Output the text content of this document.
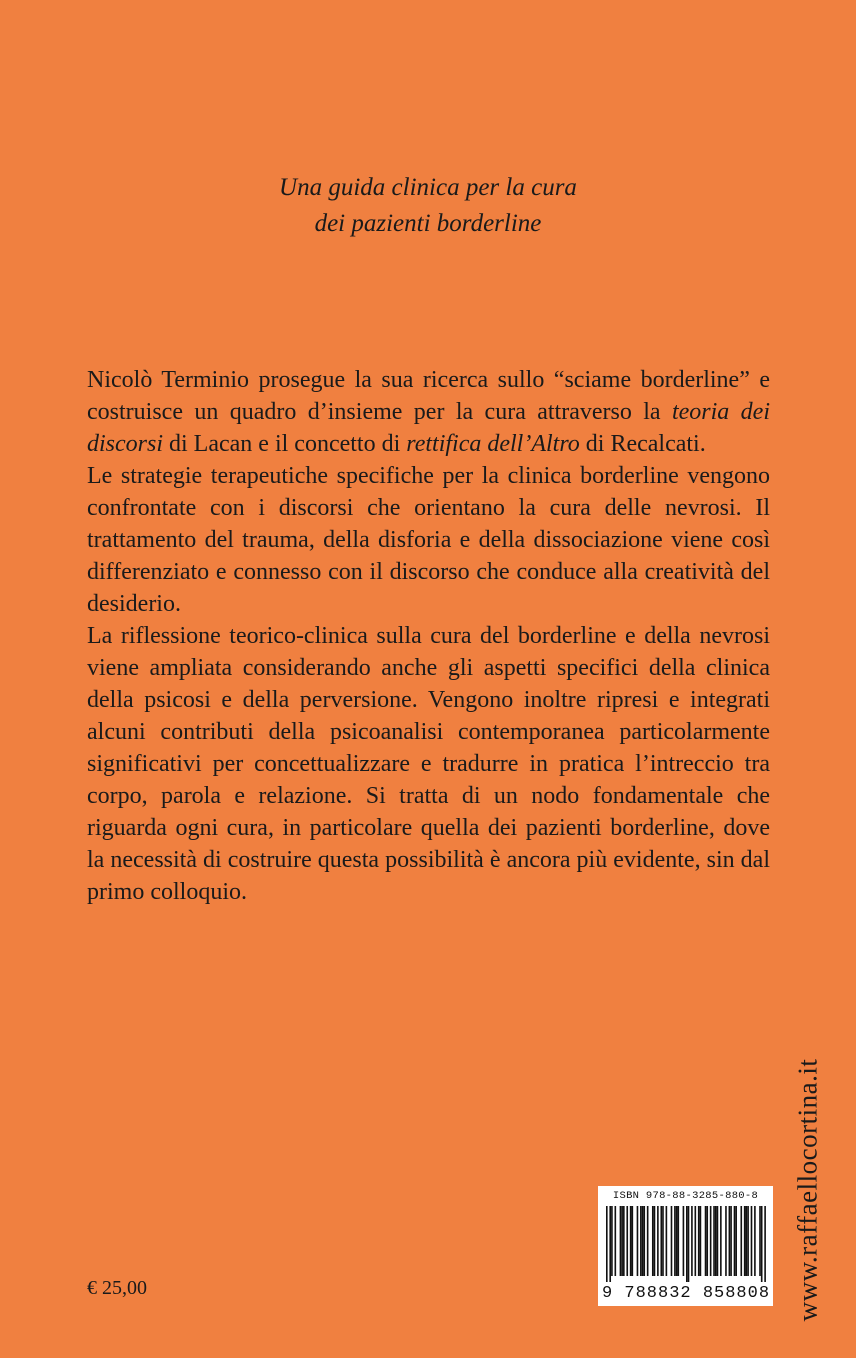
Una guida clinica per la cura
dei pazienti borderline

Nicolò Terminio prosegue la sua ricerca sullo “sciame borderline” e costruisce un quadro d’insieme per la cura attraverso la teoria dei discorsi di Lacan e il concetto di rettifica dell’Altro di Recalcati.

Le strategie terapeutiche specifiche per la clinica borderline vengono confrontate con i discorsi che orientano la cura delle nevrosi. Il trattamento del trauma, della disforia e della dissociazione viene così differenziato e connesso con il discorso che conduce alla creatività del desiderio.

La riflessione teorico-clinica sulla cura del borderline e della nevrosi viene ampliata considerando anche gli aspetti specifici della clinica della psicosi e della perversione. Vengono inoltre ripresi e integrati alcuni contributi della psicoanalisi contemporanea particolarmente significativi per concettualizzare e tradurre in pratica l’intreccio tra corpo, parola e relazione. Si tratta di un nodo fondamentale che riguarda ogni cura, in particolare quella dei pazienti borderline, dove la necessità di costruire questa possibilità è ancora più evidente, sin dal primo colloquio.

€ 25,00
ISBN 978-88-3285-880-8
9 788832 858808 www.raffaellocortina.it
